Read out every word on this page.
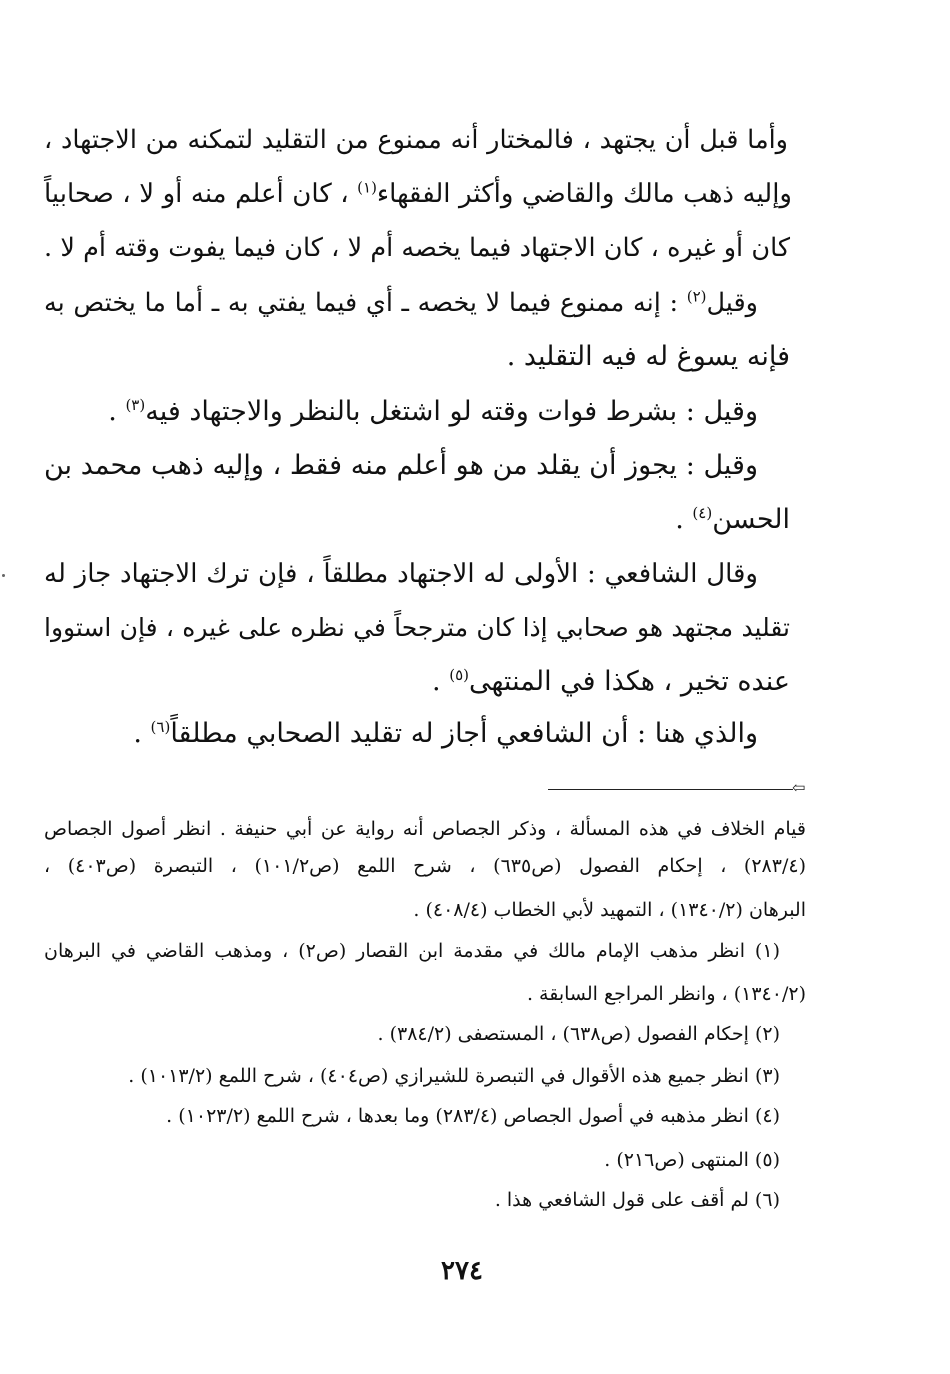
وأما قبل أن يجتهد ، فالمختار أنه ممنوع من التقليد لتمكنه من الاجتهاد ،
وإليه ذهب مالك والقاضي وأكثر الفقهاء$^{(١)}$ ، كان أعلم منه أو لا ، صحابياً
كان أو غيره ، كان الاجتهاد فيما يخصه أم لا ، كان فيما يفوت وقته أم لا .
وقيل$^{(٢)}$ : إنه ممنوع فيما لا يخصه ـ أي فيما يفتي به ـ أما ما يختص به
فإنه يسوغ له فيه التقليد .
وقيل : بشرط فوات وقته لو اشتغل بالنظر والاجتهاد فيه$^{(٣)}$ .
وقيل : يجوز أن يقلد من هو أعلم منه فقط ، وإليه ذهب محمد بن
الحسن$^{(٤)}$ .
وقال الشافعي : الأولى له الاجتهاد مطلقاً ، فإن ترك الاجتهاد جاز له
تقليد مجتهد هو صحابي إذا كان مترجحاً في نظره على غيره ، فإن استووا
عنده تخير ، هكذا في المنتهى$^{(٥)}$ .
والذي هنا : أن الشافعي أجاز له تقليد الصحابي مطلقاً$^{(٦)}$ .
⇦
قيام الخلاف في هذه المسألة ، وذكر الجصاص أنه رواية عن أبي حنيفة . انظر أصول الجصاص
(٢٨٣/٤) ، إحكام الفصول (ص٦٣٥) ، شرح اللمع (ص١٠١/٢) ، التبصرة (ص٤٠٣) ،
البرهان (١٣٤٠/٢) ، التمهيد لأبي الخطاب (٤٠٨/٤) .
(١) انظر مذهب الإمام مالك في مقدمة ابن القصار (ص٢) ، ومذهب القاضي في البرهان
(١٣٤٠/٢) ، وانظر المراجع السابقة .
(٢) إحكام الفصول (ص٦٣٨) ، المستصفى (٣٨٤/٢) .
(٣) انظر جميع هذه الأقوال في التبصرة للشيرازي (ص٤٠٤) ، شرح اللمع (١٠١٣/٢) .
(٤) انظر مذهبه في أصول الجصاص (٢٨٣/٤) وما بعدها ، شرح اللمع (١٠٢٣/٢) .
(٥) المنتهى (ص٢١٦) .
(٦) لم أقف على قول الشافعي هذا .
٢٧٤
